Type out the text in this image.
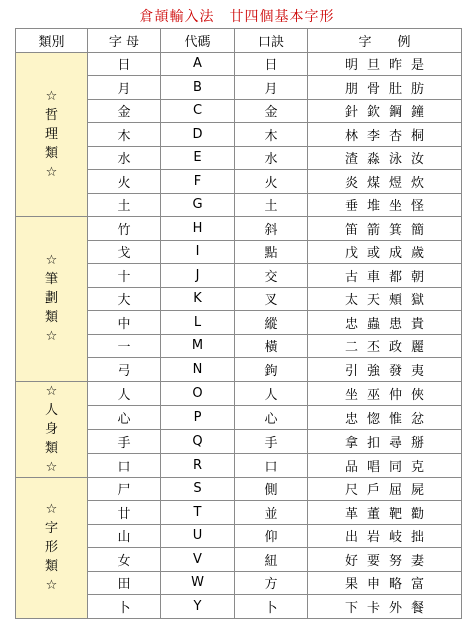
倉頡輸入法　廿四個基本字形
類別	字 母	代碼	口訣	字　　例

☆
哲
理
類
☆	日	A	日	明 旦 昨 是
	月	B	月	朋 骨 肚 肪
	金	C	金	針 欽 鋼 鐘
	木	D	木	林 李 杏 桐
	水	E	水	渣 淼 泳 汝
	火	F	火	炎 煤 煜 炊
	土	G	土	垂 堆 坐 怪

☆
筆
劃
類
☆	竹	H	斜	笛 箭 箕 簡
	戈	I	點	戊 或 成 歲
	十	J	交	古 車 都 朝
	大	K	叉	太 天 頰 獄
	中	L	縱	忠 蟲 患 貴
	一	M	橫	二 丕 政 麗
	弓	N	鉤	引 強 發 夷

☆
人
身
類
☆	人	O	人	坐 巫 仲 俠
	心	P	心	忠 惚 惟 忿
	手	Q	手	拿 扣 尋 掰
	口	R	口	品 唱 同 克

☆
字
形
類
☆	尸	S	側	尺 戶 屈 屍
	廿	T	並	革 董 靶 勸
	山	U	仰	出 岩 岐 拙
	女	V	紐	好 要 努 妻
	田	W	方	果 申 略 富
	卜	Y	卜	下 卡 外 餐
